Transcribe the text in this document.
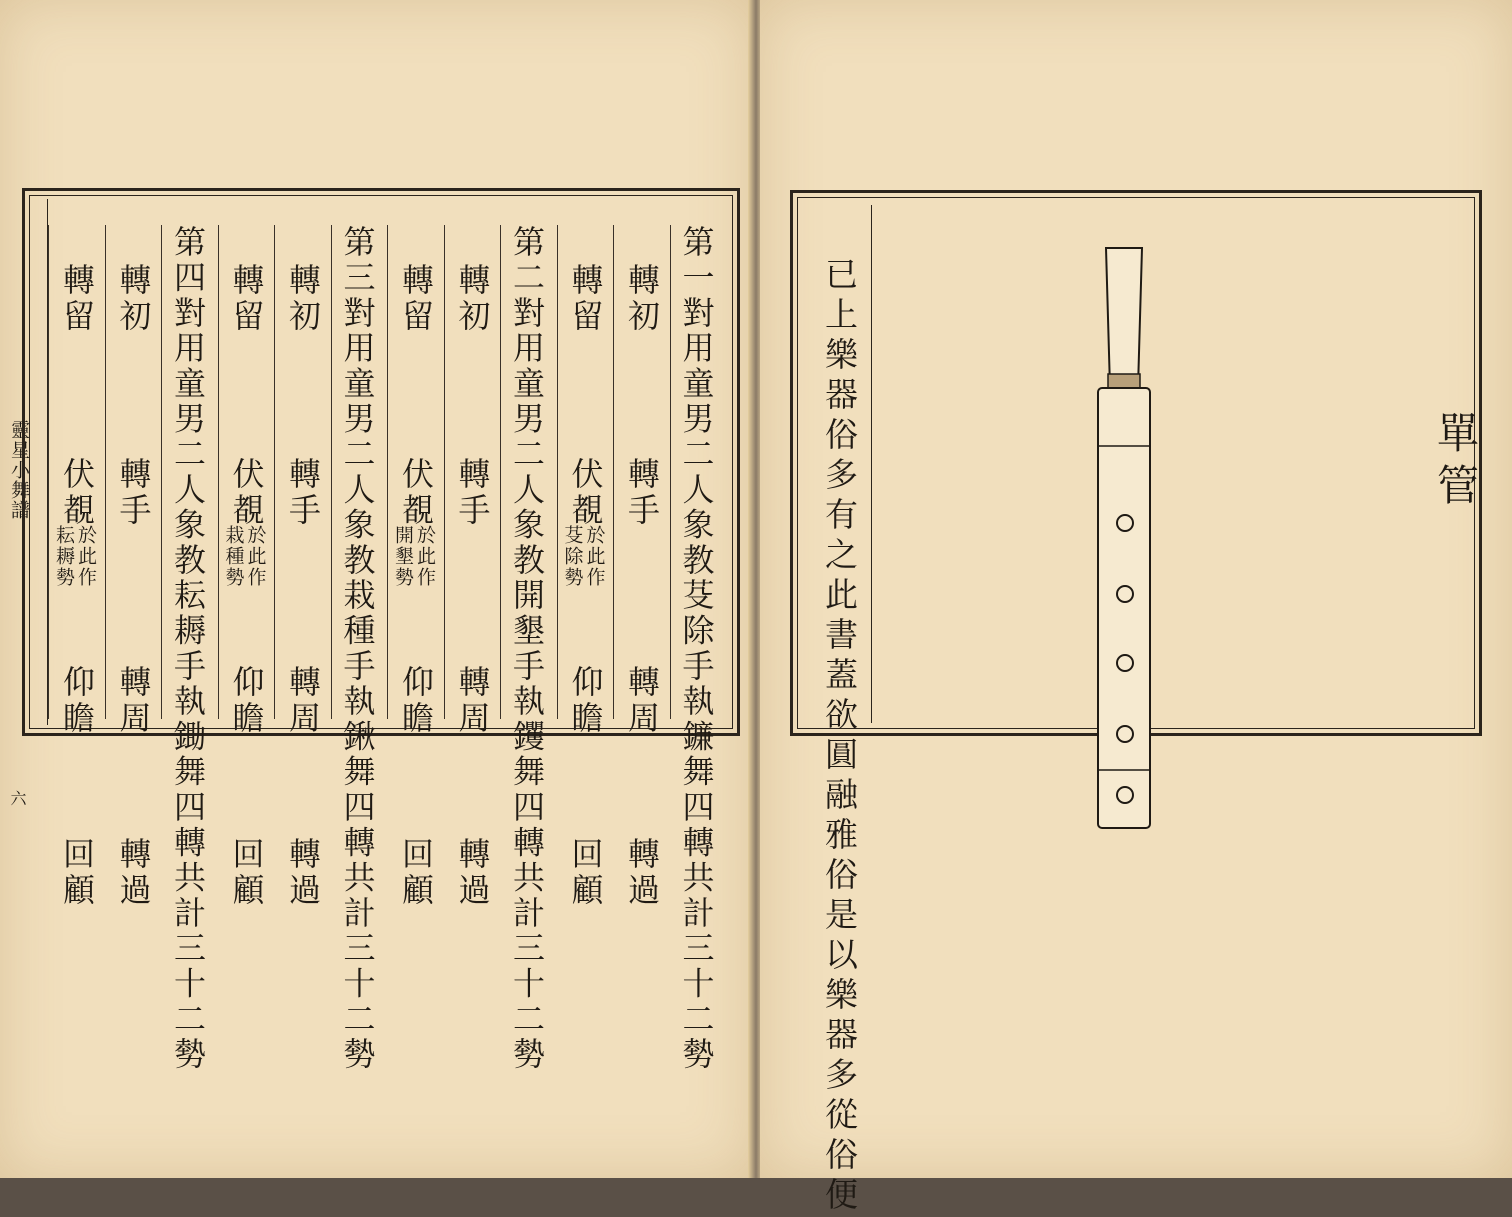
靈星小舞譜
六	第一對用童男二人象教芟除手執鐮舞四轉共計三十二勢
轉初
轉手
轉周
轉過
轉留
伏覩
仰瞻
回顧
於此作
芟除勢
第二對用童男二人象教開墾手執钁舞四轉共計三十二勢
轉初
轉手
轉周
轉過
轉留
伏覩
仰瞻
回顧
於此作
開墾勢
第三對用童男二人象教栽種手執鍬舞四轉共計三十二勢
轉初
轉手
轉周
轉過
轉留
伏覩
仰瞻
回顧
於此作
栽種勢
第四對用童男二人象教耘耨手執鋤舞四轉共計三十二勢
轉初
轉手
轉周
轉過
轉留
伏覩
仰瞻
回顧
於此作
耘耨勢	已上樂器俗多有之此書蓋欲圓融雅俗是以樂器多從俗便	單管
